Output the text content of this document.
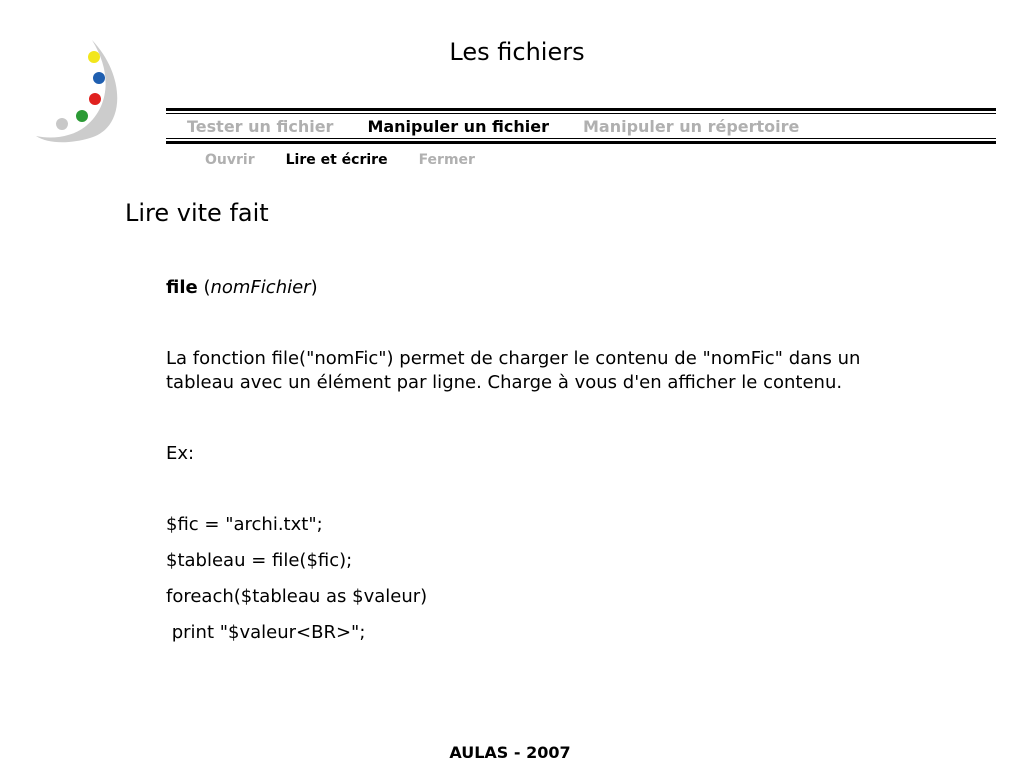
Les fichiers
Tester un fichier Manipuler un fichier Manipuler un répertoire
Ouvrir Lire et écrire Fermer
Lire vite fait

file (nomFichier)

La fonction file("nomFic") permet de charger le contenu de "nomFic" dans un tableau avec un élément par ligne. Charge à vous d'en afficher le contenu.

Ex:

$fic = "archi.txt";

$tableau = file($fic);

foreach($tableau as $valeur)

print "$valeur<BR>";

AULAS - 2007
